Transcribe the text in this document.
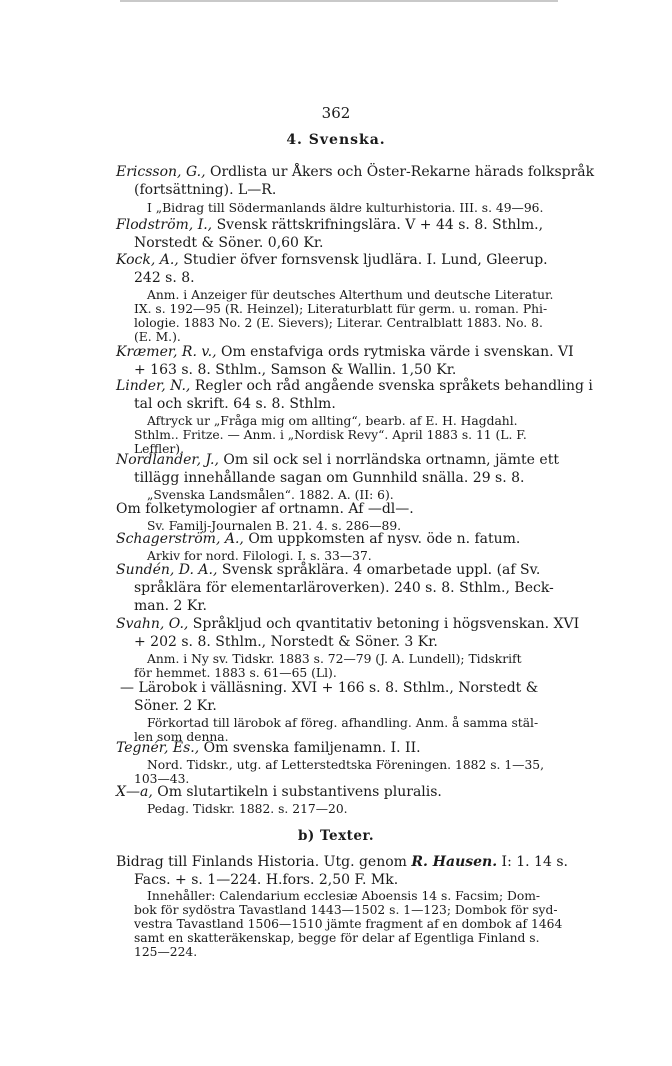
362
4. Svenska.
Ericsson, G., Ordlista ur Åkers och Öster-Rekarne härads folkspråk
(fortsättning). L—R.
I „Bidrag till Södermanlands äldre kulturhistoria. III. s. 49—96.
Flodström, I., Svensk rättskrifningslära. V + 44 s. 8. Sthlm.,
Norstedt & Söner. 0,60 Kr.
Kock, A., Studier öfver fornsvensk ljudlära. I. Lund, Gleerup.
242 s. 8.
Anm. i Anzeiger für deutsches Alterthum und deutsche Literatur.
IX. s. 192—95 (R. Heinzel); Literaturblatt für germ. u. roman. Phi-
lologie. 1883 No. 2 (E. Sievers); Literar. Centralblatt 1883. No. 8.
(E. M.).
Kræmer, R. v., Om enstafviga ords rytmiska värde i svenskan. VI
+ 163 s. 8. Sthlm., Samson & Wallin. 1,50 Kr.
Linder, N., Regler och råd angående svenska språkets behandling i
tal och skrift. 64 s. 8. Sthlm.
Aftryck ur „Fråga mig om allting“, bearb. af E. H. Hagdahl.
Sthlm.. Fritze. — Anm. i „Nordisk Revy“. April 1883 s. 11 (L. F.
Leffler).
Nordlander, J., Om sil ock sel i norrländska ortnamn, jämte ett
tillägg innehållande sagan om Gunnhild snälla. 29 s. 8.
„Svenska Landsmålen“. 1882. A. (II: 6).
Om folketymologier af ortnamn. Af —dl—.
Sv. Familj-Journalen B. 21. 4. s. 286—89.
Schagerström, A., Om uppkomsten af nysv. öde n. fatum.
Arkiv for nord. Filologi. I. s. 33—37.
Sundén, D. A., Svensk språklära. 4 omarbetade uppl. (af Sv.
språklära för elementarläroverken). 240 s. 8. Sthlm., Beck-
man. 2 Kr.
Svahn, O., Språkljud och qvantitativ betoning i högsvenskan. XVI
+ 202 s. 8. Sthlm., Norstedt & Söner. 3 Kr.
Anm. i Ny sv. Tidskr. 1883 s. 72—79 (J. A. Lundell); Tidskrift
för hemmet. 1883 s. 61—65 (Ll).
— Lärobok i välläsning. XVI + 166 s. 8. Sthlm., Norstedt &
Söner. 2 Kr.
Förkortad till lärobok af föreg. afhandling. Anm. å samma stäl-
len som denna.
Tegnér, Es., Om svenska familjenamn. I. II.
Nord. Tidskr., utg. af Letterstedtska Föreningen. 1882 s. 1—35,
103—43.
X—a, Om slutartikeln i substantivens pluralis.
Pedag. Tidskr. 1882. s. 217—20.
b) Texter.
Bidrag till Finlands Historia. Utg. genom R. Hausen. I: 1. 14 s.
Facs. + s. 1—224. H.fors. 2,50 F. Mk.
Innehåller: Calendarium ecclesiæ Aboensis 14 s. Facsim; Dom-
bok för sydöstra Tavastland 1443—1502 s. 1—123; Dombok för syd-
vestra Tavastland 1506—1510 jämte fragment af en dombok af 1464
samt en skatteräkenskap, begge för delar af Egentliga Finland s.
125—224.
